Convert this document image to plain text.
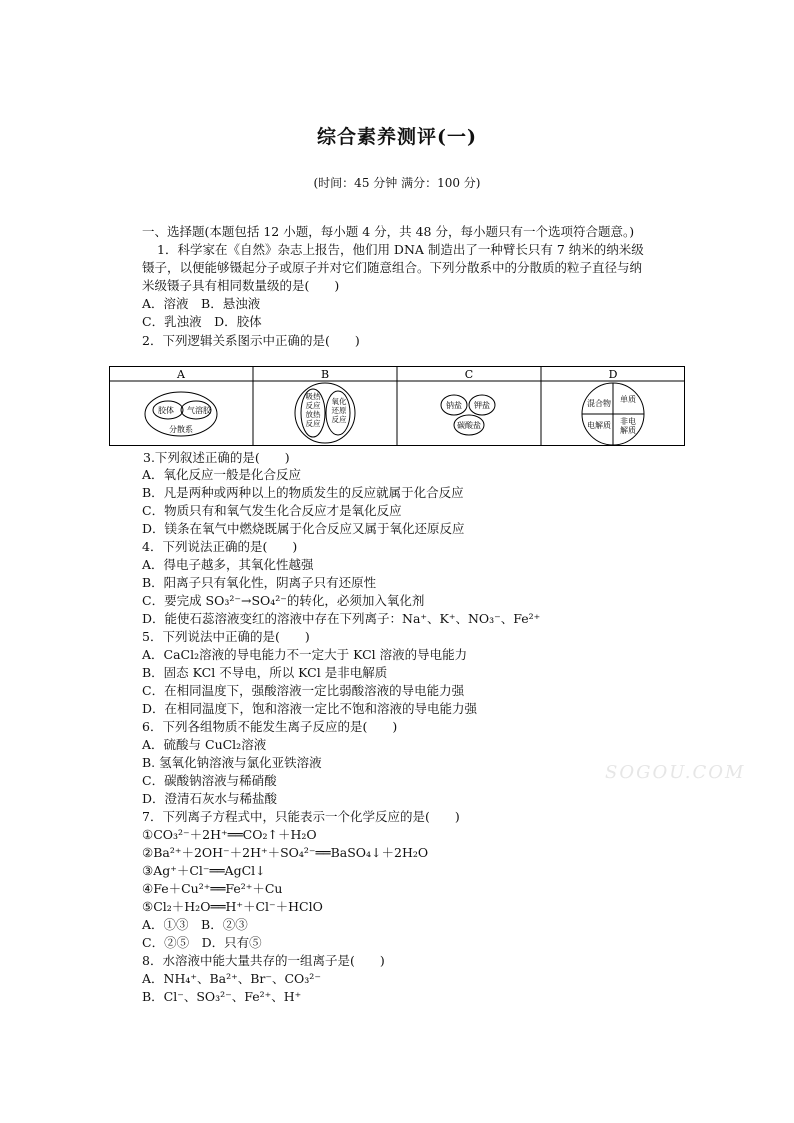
综合素养测评(一)
(时间：45 分钟 满分：100 分)
一、选择题(本题包括 12 小题，每小题 4 分，共 48 分，每小题只有一个选项符合题意。)
1．科学家在《自然》杂志上报告，他们用 DNA 制造出了一种臂长只有 7 纳米的纳米级
镊子，以便能够镊起分子或原子并对它们随意组合。下列分散系中的分散质的粒子直径与纳
米级镊子具有相同数量级的是(　　)
A．溶液　B．悬浊液
C．乳浊液　D．胶体
2．下列逻辑关系图示中正确的是(　　)
3.下列叙述正确的是(　　)
A．氧化反应一般是化合反应
B．凡是两种或两种以上的物质发生的反应就属于化合反应
C．物质只有和氧气发生化合反应才是氧化反应
D．镁条在氧气中燃烧既属于化合反应又属于氧化还原反应
4．下列说法正确的是(　　)
A．得电子越多，其氧化性越强
B．阳离子只有氧化性，阴离子只有还原性
C．要完成 SO₃²⁻→SO₄²⁻的转化，必须加入氧化剂
D．能使石蕊溶液变红的溶液中存在下列离子：Na⁺、K⁺、NO₃⁻、Fe²⁺
5．下列说法中正确的是(　　)
A．CaCl₂溶液的导电能力不一定大于 KCl 溶液的导电能力
B．固态 KCl 不导电，所以 KCl 是非电解质
C．在相同温度下，强酸溶液一定比弱酸溶液的导电能力强
D．在相同温度下，饱和溶液一定比不饱和溶液的导电能力强
6．下列各组物质不能发生离子反应的是(　　)
A．硫酸与 CuCl₂溶液
B. 氢氧化钠溶液与氯化亚铁溶液
C．碳酸钠溶液与稀硝酸
D．澄清石灰水与稀盐酸
7．下列离子方程式中，只能表示一个化学反应的是(　　)
①CO₃²⁻＋2H⁺══CO₂↑＋H₂O
②Ba²⁺＋2OH⁻＋2H⁺＋SO₄²⁻══BaSO₄↓＋2H₂O
③Ag⁺＋Cl⁻══AgCl↓
④Fe＋Cu²⁺══Fe²⁺＋Cu
⑤Cl₂＋H₂O══H⁺＋Cl⁻＋HClO
A．①③　B．②③
C．②⑤　D．只有⑤
8．水溶液中能大量共存的一组离子是(　　)
A．NH₄⁺、Ba²⁺、Br⁻、CO₃²⁻
B．Cl⁻、SO₃²⁻、Fe²⁺、H⁺
A	B	C	D
胶体 气溶胶
分散系
吸热
反应
放热
反应
氧化
还原
反应
钠盐 钾盐
碳酸盐
混合物 单质
电解质 非电
解质
SOGOU.COM
